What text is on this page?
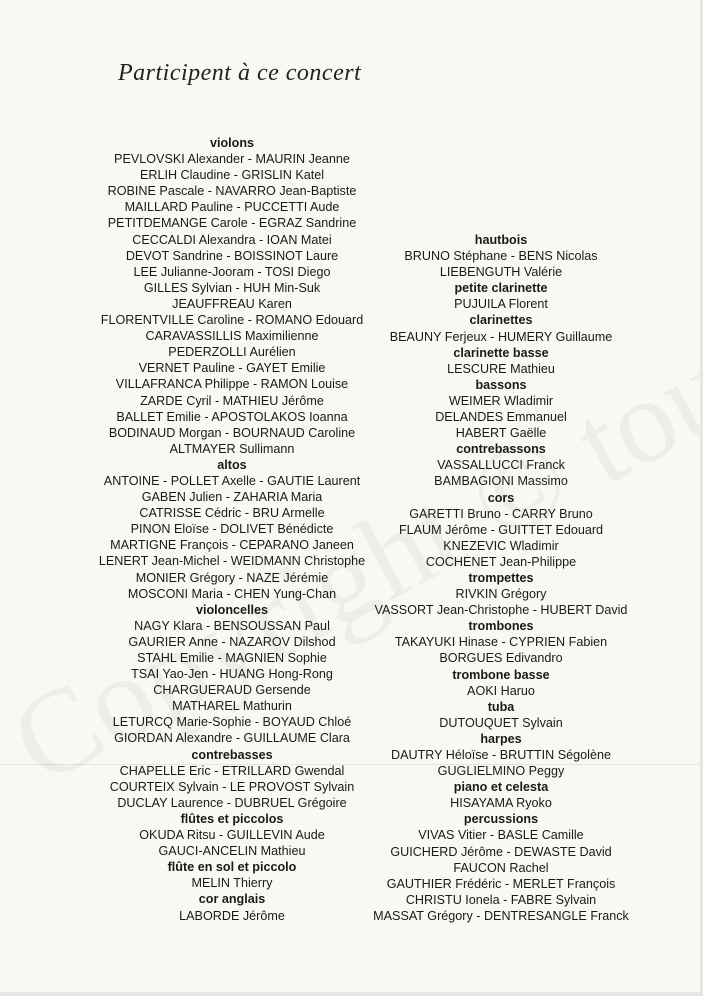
Participent à ce concert
violons
PEVLOVSKI Alexander - MAURIN Jeanne
ERLIH Claudine - GRISLIN Katel
ROBINE Pascale - NAVARRO Jean-Baptiste
MAILLARD Pauline - PUCCETTI Aude
PETITDEMANGE Carole - EGRAZ Sandrine
CECCALDI Alexandra - IOAN Matei
DEVOT Sandrine - BOISSINOT Laure
LEE Julianne-Jooram - TOSI Diego
GILLES Sylvian - HUH Min-Suk
JEAUFFREAU Karen
FLORENTVILLE Caroline - ROMANO Edouard
CARAVASSILLIS Maximilienne
PEDERZOLLI Aurélien
VERNET Pauline - GAYET Emilie
VILLAFRANCA Philippe - RAMON Louise
ZARDE Cyril - MATHIEU Jérôme
BALLET Emilie - APOSTOLAKOS Ioanna
BODINAUD Morgan - BOURNAUD Caroline
ALTMAYER Sullimann
altos
ANTOINE - POLLET Axelle - GAUTIE Laurent
GABEN Julien - ZAHARIA Maria
CATRISSE Cédric - BRU Armelle
PINON Eloïse - DOLIVET Bénédicte
MARTIGNE François - CEPARANO Janeen
LENERT Jean-Michel - WEIDMANN Christophe
MONIER Grégory - NAZE Jérémie
MOSCONI Maria - CHEN Yung-Chan
violoncelles
NAGY Klara - BENSOUSSAN Paul
GAURIER Anne - NAZAROV Dilshod
STAHL Emilie - MAGNIEN Sophie
TSAI Yao-Jen - HUANG Hong-Rong
CHARGUERAUD Gersende
MATHAREL Mathurin
LETURCQ Marie-Sophie - BOYAUD Chloé
GIORDAN Alexandre - GUILLAUME Clara
contrebasses
CHAPELLE Eric - ETRILLARD Gwendal
COURTEIX Sylvain - LE PROVOST Sylvain
DUCLAY Laurence - DUBRUEL Grégoire
flûtes et piccolos
OKUDA Ritsu - GUILLEVIN Aude
GAUCI-ANCELIN Mathieu
flûte en sol et piccolo
MELIN Thierry
cor anglais
LABORDE Jérôme
hautbois
BRUNO Stéphane - BENS Nicolas
LIEBENGUTH Valérie
petite clarinette
PUJUILA Florent
clarinettes
BEAUNY Ferjeux - HUMERY Guillaume
clarinette basse
LESCURE Mathieu
bassons
WEIMER Wladimir
DELANDES Emmanuel
HABERT Gaëlle
contrebassons
VASSALLUCCI Franck
BAMBAGIONI Massimo
cors
GARETTI Bruno - CARRY Bruno
FLAUM Jérôme - GUITTET Edouard
KNEZEVIC Wladimir
COCHENET Jean-Philippe
trompettes
RIVKIN Grégory
VASSORT Jean-Christophe - HUBERT David
trombones
TAKAYUKI Hinase - CYPRIEN Fabien
BORGUES Edivandro
trombone basse
AOKI Haruo
tuba
DUTOUQUET Sylvain
harpes
DAUTRY Héloïse - BRUTTIN Ségolène
GUGLIELMINO Peggy
piano et celesta
HISAYAMA Ryoko
percussions
VIVAS Vitier - BASLE Camille
GUICHERD Jérôme - DEWASTE David
FAUCON Rachel
GAUTHIER Frédéric - MERLET François
CHRISTU Ionela - FABRE Sylvain
MASSAT Grégory - DENTRESANGLE Franck
